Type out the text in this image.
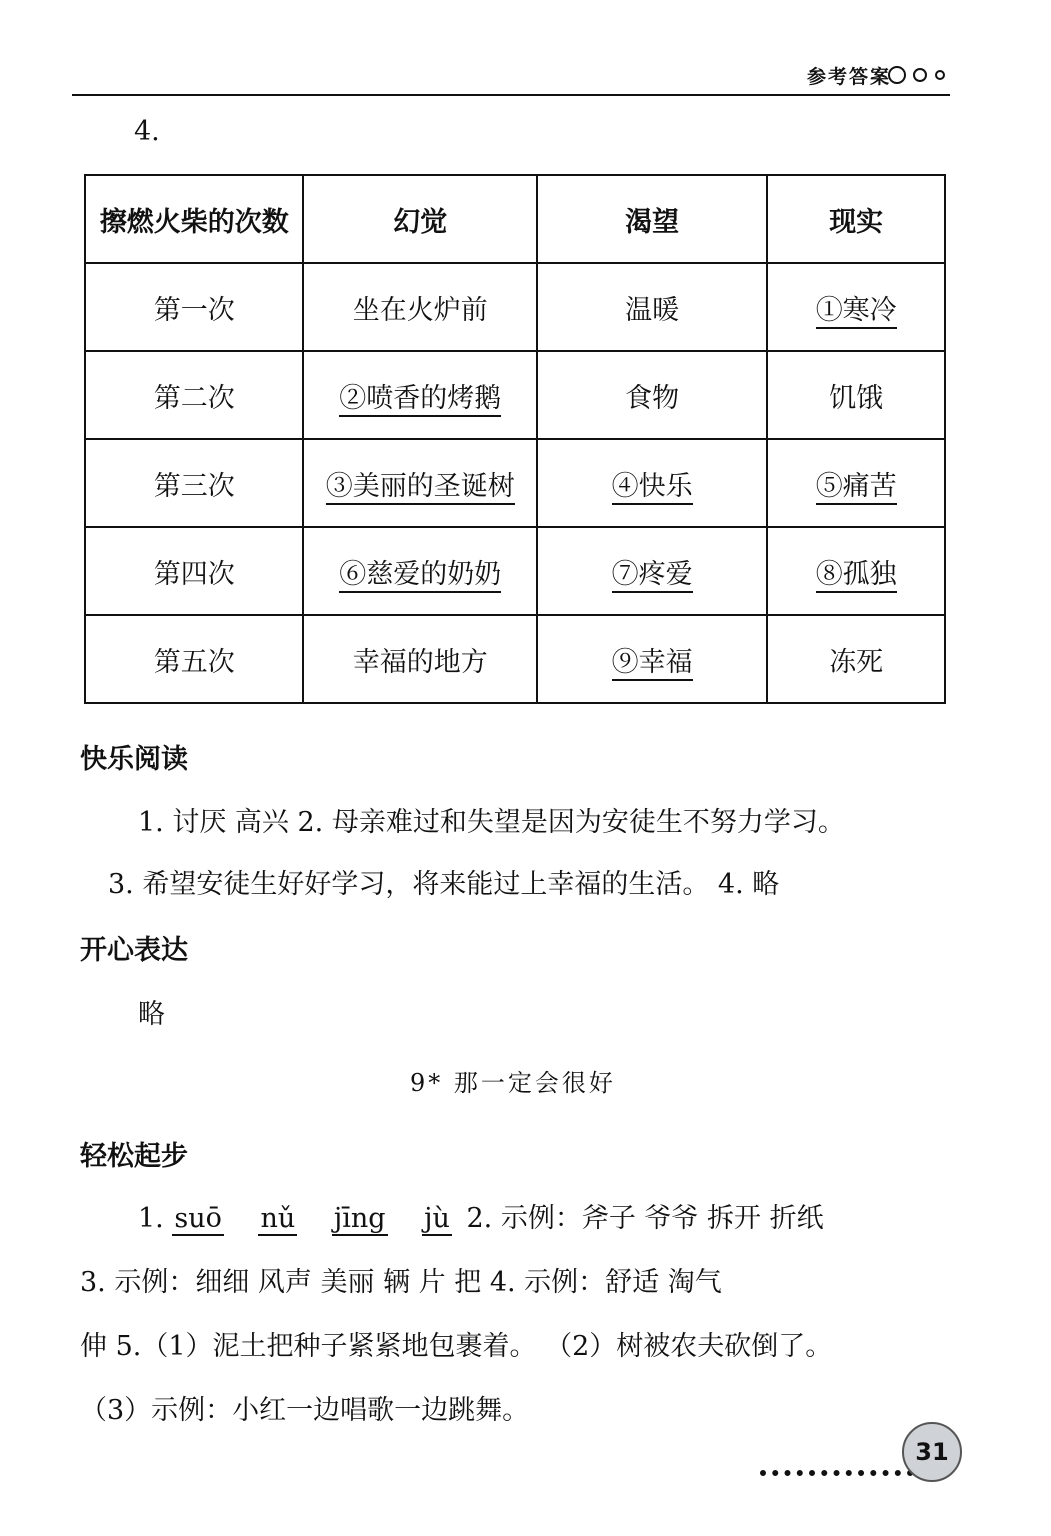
参考答案
4.
擦燃火柴的次数	幻觉	渴望	现实
第一次	坐在火炉前	温暖	①寒冷
第二次	②喷香的烤鹅	食物	饥饿
第三次	③美丽的圣诞树	④快乐	⑤痛苦
第四次	⑥慈爱的奶奶	⑦疼爱	⑧孤独
第五次	幸福的地方	⑨幸福	冻死
快乐阅读
1. 讨厌 高兴 2. 母亲难过和失望是因为安徒生不努力学习。
3. 希望安徒生好好学习，将来能过上幸福的生活。 4. 略
开心表达
略
9* 那一定会很好
轻松起步
1. suō nǔ jīng jù 2. 示例：斧子 爷爷 拆开 折纸
3. 示例：细细 风声 美丽 辆 片 把 4. 示例：舒适 淘气
伸 5.（1）泥土把种子紧紧地包裹着。 （2）树被农夫砍倒了。
（3）示例：小红一边唱歌一边跳舞。
31
